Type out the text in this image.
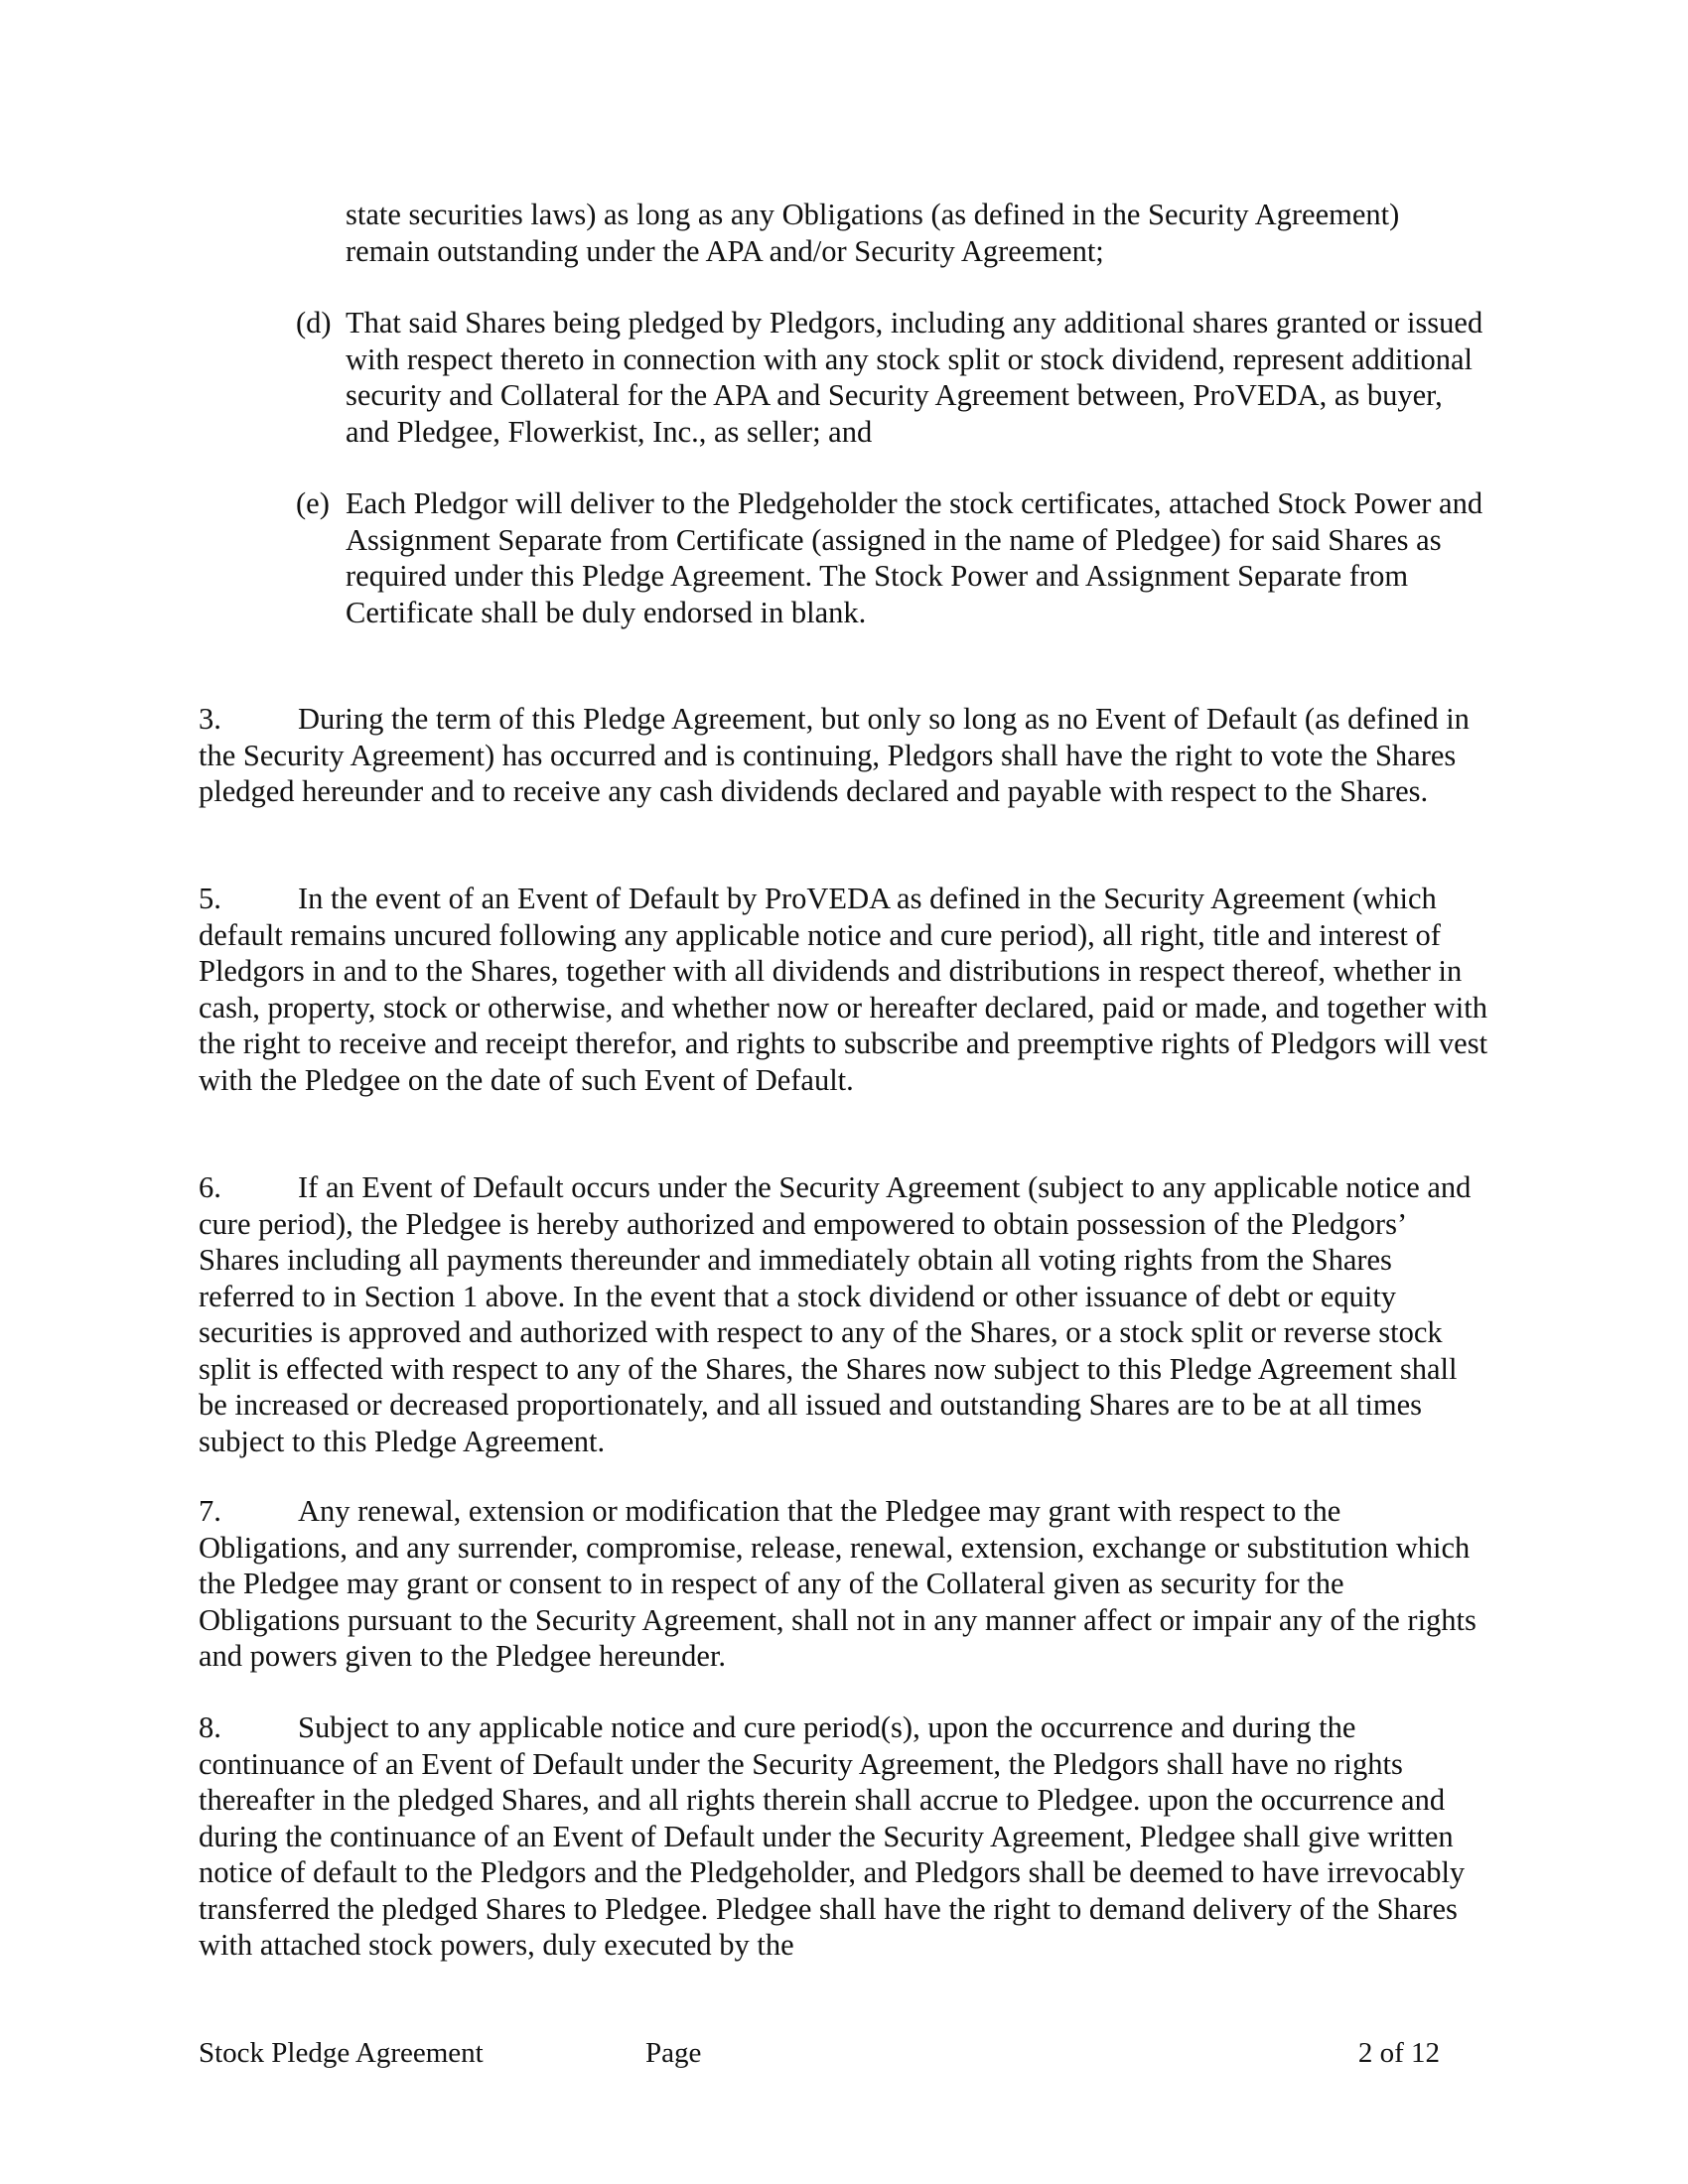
state securities laws) as long as any Obligations (as defined in the Security Agreement) remain outstanding under the APA and/or Security Agreement;

(d) That said Shares being pledged by Pledgors, including any additional shares granted or issued with respect thereto in connection with any stock split or stock dividend, represent additional security and Collateral for the APA and Security Agreement between, ProVEDA, as buyer, and Pledgee, Flowerkist, Inc., as seller; and
(e) Each Pledgor will deliver to the Pledgeholder the stock certificates, attached Stock Power and Assignment Separate from Certificate (assigned in the name of Pledgee) for said Shares as required under this Pledge Agreement. The Stock Power and Assignment Separate from Certificate shall be duly endorsed in blank.

3.	During the term of this Pledge Agreement, but only so long as no Event of Default (as defined in the Security Agreement) has occurred and is continuing, Pledgors shall have the right to vote the Shares pledged hereunder and to receive any cash dividends declared and payable with respect to the Shares.

5.	In the event of an Event of Default by ProVEDA as defined in the Security Agreement (which default remains uncured following any applicable notice and cure period), all right, title and interest of Pledgors in and to the Shares, together with all dividends and distributions in respect thereof, whether in cash, property, stock or otherwise, and whether now or hereafter declared, paid or made, and together with the right to receive and receipt therefor, and rights to subscribe and preemptive rights of Pledgors will vest with the Pledgee on the date of such Event of Default.

6.	If an Event of Default occurs under the Security Agreement (subject to any applicable notice and cure period), the Pledgee is hereby authorized and empowered to obtain possession of the Pledgors’ Shares including all payments thereunder and immediately obtain all voting rights from the Shares referred to in Section 1 above. In the event that a stock dividend or other issuance of debt or equity securities is approved and authorized with respect to any of the Shares, or a stock split or reverse stock split is effected with respect to any of the Shares, the Shares now subject to this Pledge Agreement shall be increased or decreased proportionately, and all issued and outstanding Shares are to be at all times subject to this Pledge Agreement.

7.	Any renewal, extension or modification that the Pledgee may grant with respect to the Obligations, and any surrender, compromise, release, renewal, extension, exchange or substitution which the Pledgee may grant or consent to in respect of any of the Collateral given as security for the Obligations pursuant to the Security Agreement, shall not in any manner affect or impair any of the rights and powers given to the Pledgee hereunder.

8.	Subject to any applicable notice and cure period(s), upon the occurrence and during the continuance of an Event of Default under the Security Agreement, the Pledgors shall have no rights thereafter in the pledged Shares, and all rights therein shall accrue to Pledgee. upon the occurrence and during the continuance of an Event of Default under the Security Agreement, Pledgee shall give written notice of default to the Pledgors and the Pledgeholder, and Pledgors shall be deemed to have irrevocably transferred the pledged Shares to Pledgee. Pledgee shall have the right to demand delivery of the Shares with attached stock powers, duly executed by the

Stock Pledge Agreement	Page	2 of 12
